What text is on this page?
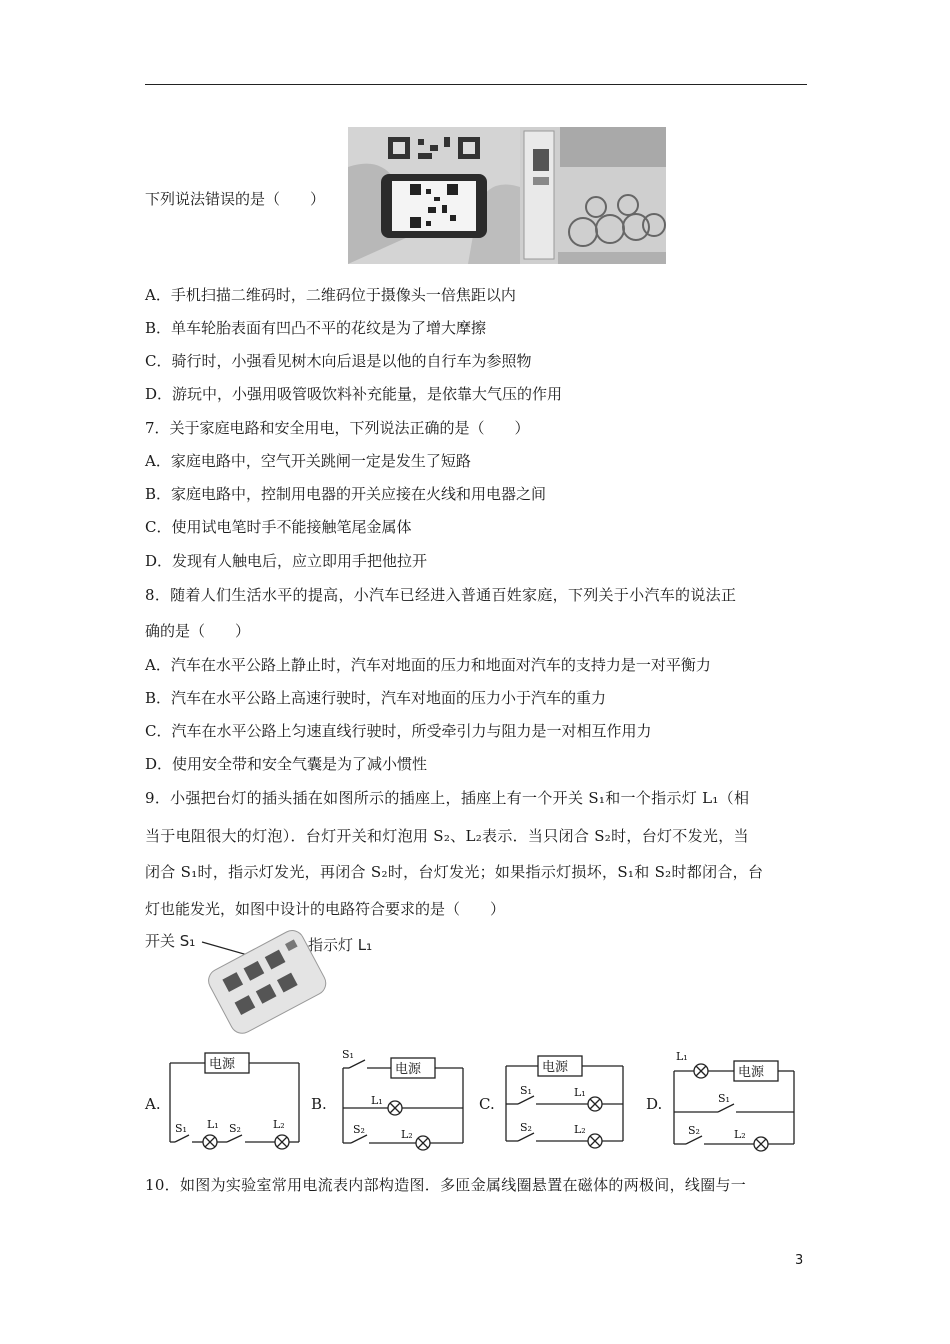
下列说法错误的是（　　）
A．手机扫描二维码时，二维码位于摄像头一倍焦距以内
B．单车轮胎表面有凹凸不平的花纹是为了增大摩擦
C．骑行时，小强看见树木向后退是以他的自行车为参照物
D．游玩中，小强用吸管吸饮料补充能量，是依靠大气压的作用
7．关于家庭电路和安全用电，下列说法正确的是（　　）
A．家庭电路中，空气开关跳闸一定是发生了短路
B．家庭电路中，控制用电器的开关应接在火线和用电器之间
C．使用试电笔时手不能接触笔尾金属体
D．发现有人触电后，应立即用手把他拉开
8．随着人们生活水平的提高，小汽车已经进入普通百姓家庭，下列关于小汽车的说法正
确的是（　　）
A．汽车在水平公路上静止时，汽车对地面的压力和地面对汽车的支持力是一对平衡力
B．汽车在水平公路上高速行驶时，汽车对地面的压力小于汽车的重力
C．汽车在水平公路上匀速直线行驶时，所受牵引力与阻力是一对相互作用力
D．使用安全带和安全气囊是为了减小惯性
9．小强把台灯的插头插在如图所示的插座上，插座上有一个开关 S₁和一个指示灯 L₁（相
当于电阻很大的灯泡）．台灯开关和灯泡用 S₂、L₂表示．当只闭合 S₂时，台灯不发光，当
闭合 S₁时，指示灯发光，再闭合 S₂时，台灯发光；如果指示灯损坏，S₁和 S₂时都闭合，台
灯也能发光，如图中设计的电路符合要求的是（　　）
开关 S₁	指示灯 L₁
A.	B.	C.	D.
电源
S₁ L₁ S₂	L₂
电源
S₁
L₁
S₂	L₂
电源
S₁	L₁
S₂	L₂
电源
L₁
S₁
S₂	L₂
10．如图为实验室常用电流表内部构造图．多匝金属线圈悬置在磁体的两极间，线圈与一
3
